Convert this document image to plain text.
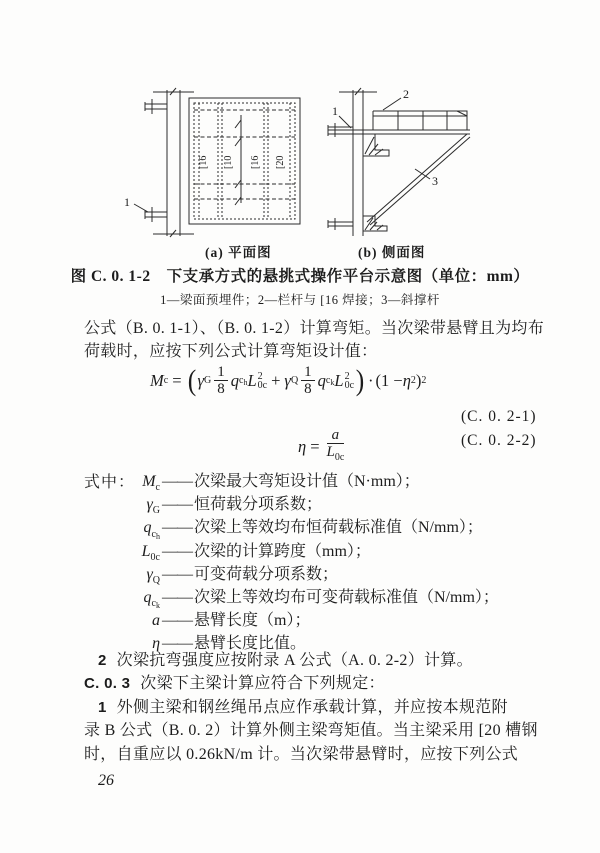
[16 [10 [16 [20
1
1
2
3
(a) 平面图	(b) 侧面图
图 C. 0. 1-2　下支承方式的悬挑式操作平台示意图（单位：mm）
1—梁面预埋件；2—栏杆与 [16 焊接；3—斜撑杆
公式（B. 0. 1-1）、（B. 0. 1-2）计算弯矩。当次梁带悬臂且为均布
荷载时，应按下列公式计算弯矩设计值：
M c = ( γ G $\frac{1}{8}$ q $c_h$ L 2
0c + γ Q $\frac{1}{8}$ q $c_k$ L 2
0c ) · (1 − η 2 ) 2
(C. 0. 2-1)
$\eta = \frac{a}{L_{0c}}$	(C. 0. 2-2)
式中： $M_c$ —— 次梁最大弯矩设计值（N·mm）；
$\gamma_G$ —— 恒荷载分项系数；
$q_{c_h}$ —— 次梁上等效均布恒荷载标准值（N/mm）；
$L_{0c}$ —— 次梁的计算跨度（mm）；
$\gamma_Q$ —— 可变荷载分项系数；
$q_{c_k}$ —— 次梁上等效均布可变荷载标准值（N/mm）；
a —— 悬臂长度（m）；
η —— 悬臂长度比值。
2 次梁抗弯强度应按附录 A 公式（A. 0. 2-2）计算。
C. 0. 3 次梁下主梁计算应符合下列规定：
1 外侧主梁和钢丝绳吊点应作承载计算，并应按本规范附
录 B 公式（B. 0. 2）计算外侧主梁弯矩值。当主梁采用 [20 槽钢
时，自重应以 0.26kN/m 计。当次梁带悬臂时，应按下列公式
26
